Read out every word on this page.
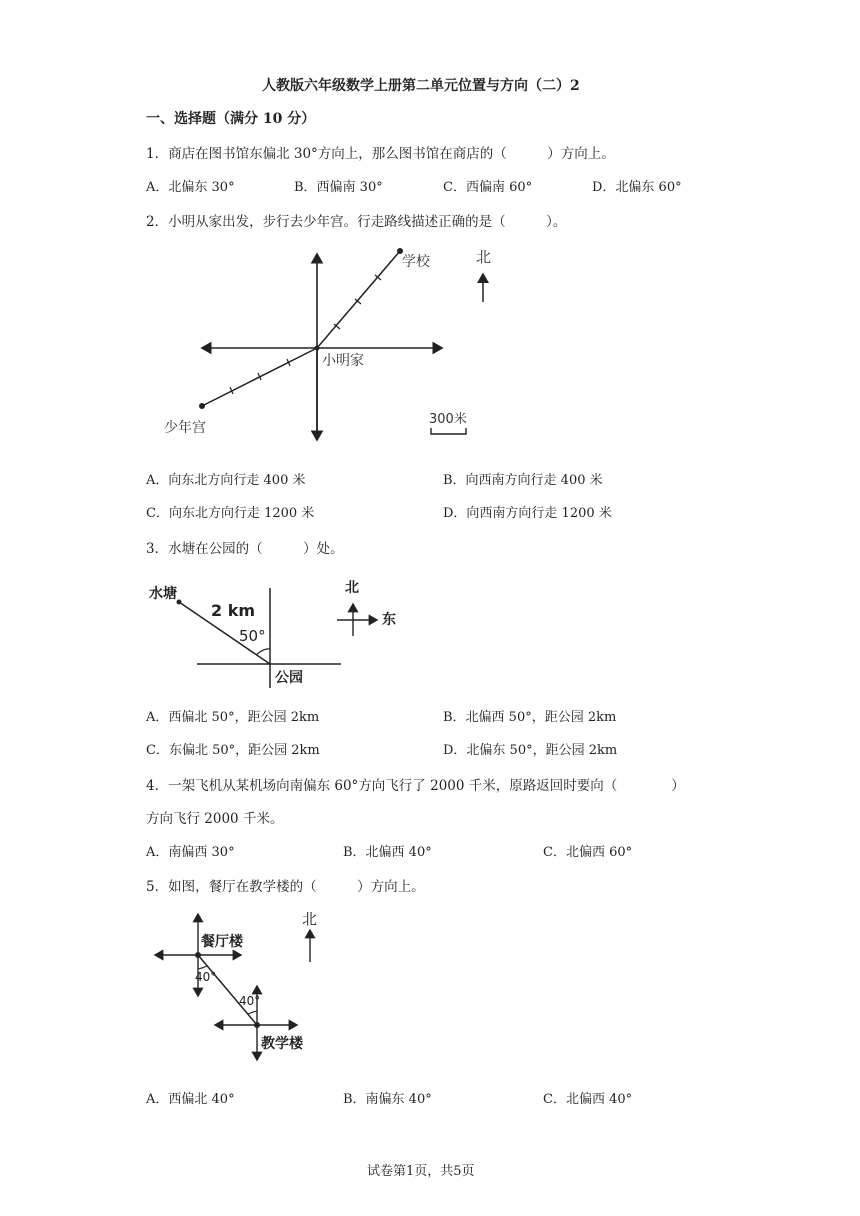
人教版六年级数学上册第二单元位置与方向（二）2
一、选择题（满分 10 分）
1．商店在图书馆东偏北 30°方向上，那么图书馆在商店的（　　　）方向上。
A．北偏东 30°	B．西偏南 30°	C．西偏南 60°	D．北偏东 60°
2．小明从家出发，步行去少年宫。行走路线描述正确的是（　　　）。
学校
小明家
少年宫
北
300米
A．向东北方向行走 400 米	B．向西南方向行走 400 米
C．向东北方向行走 1200 米	D．向西南方向行走 1200 米
3．水塘在公园的（　　　）处。
水塘
2 km
50°
公园
北
东
A．西偏北 50°，距公园 2km	B．北偏西 50°，距公园 2km
C．东偏北 50°，距公园 2km	D．北偏东 50°，距公园 2km
4．一架飞机从某机场向南偏东 60°方向飞行了 2000 千米，原路返回时要向（　　　　）
方向飞行 2000 千米。
A．南偏西 30°	B．北偏西 40°	C．北偏西 60°
5．如图，餐厅在教学楼的（　　　）方向上。
餐厅楼
40°
40°
教学楼
北
A．西偏北 40°	B．南偏东 40°	C．北偏西 40°
试卷第1页，共5页
